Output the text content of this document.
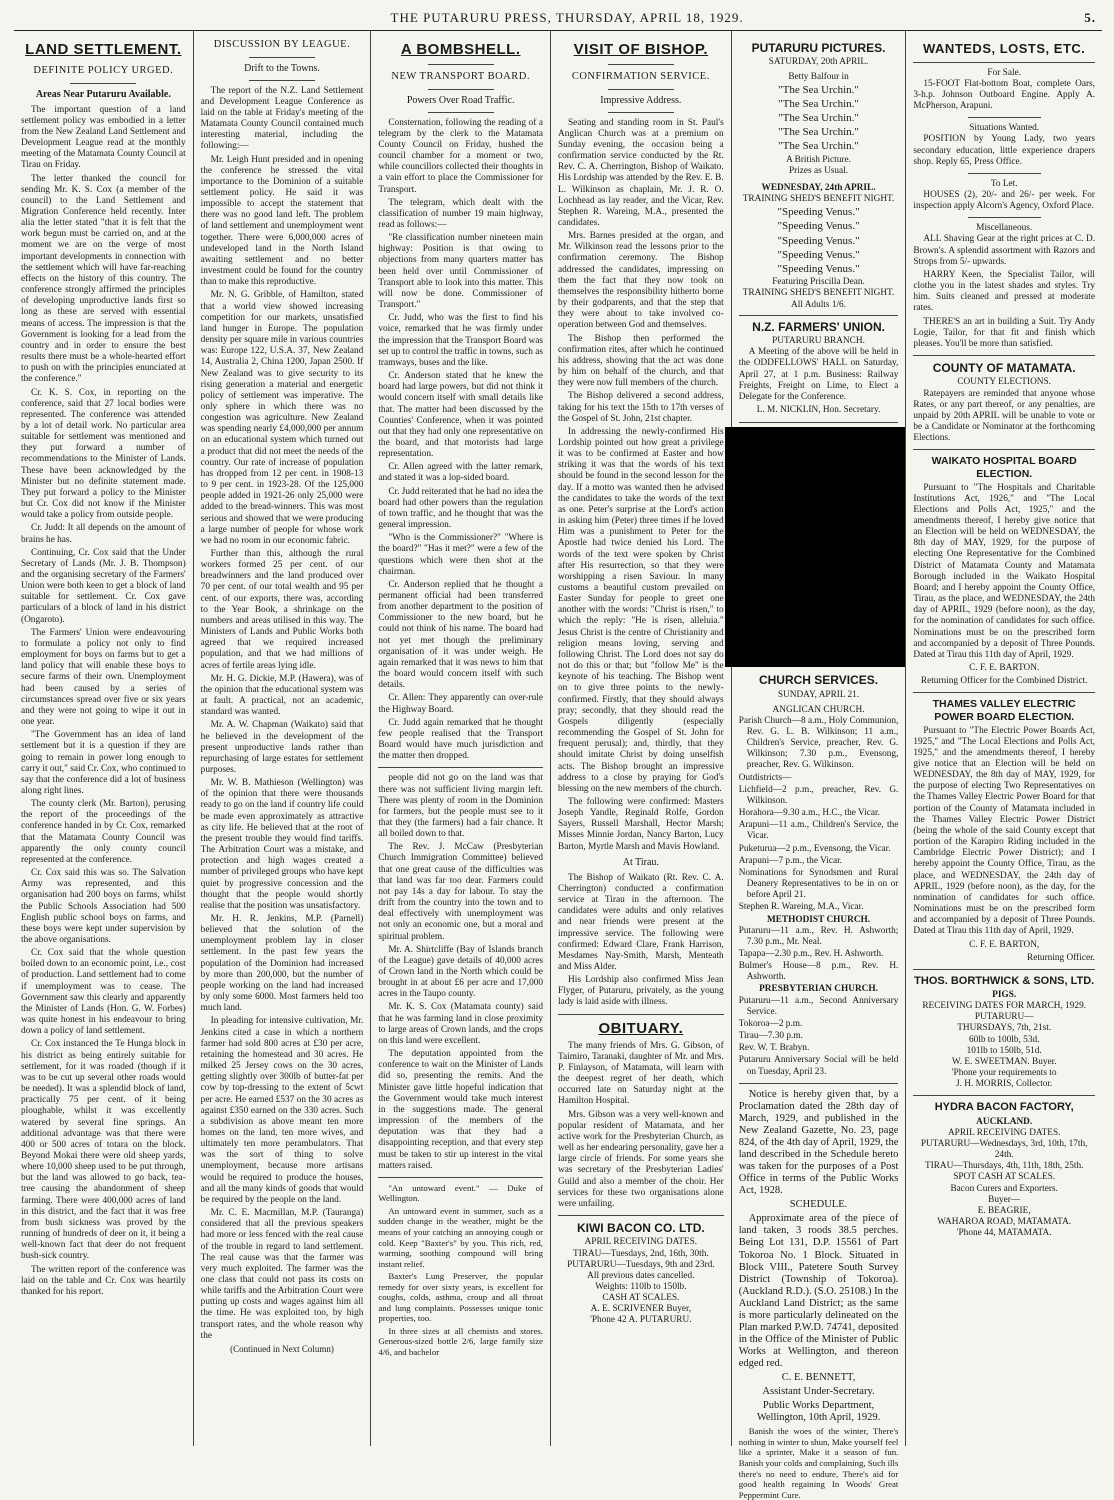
THE PUTARURU PRESS, THURSDAY, APRIL 18, 1929.	5.
LAND SETTLEMENT.
DEFINITE POLICY URGED.
Areas Near Putaruru Available.

The important question of a land settlement policy was embodied in a letter from the New Zealand Land Settlement and Development League read at the monthly meeting of the Matamata County Council at Tirau on Friday.

The letter thanked the council for sending Mr. K. S. Cox (a member of the council) to the Land Settlement and Migration Conference held recently. Inter alia the letter stated "that it is felt that the work begun must be carried on, and at the moment we are on the verge of most important developments in connection with the settlement which will have far-reaching effects on the history of this country. The conference strongly affirmed the principles of developing unproductive lands first so long as these are served with essential means of access. The impression is that the Government is looking for a lead from the country and in order to ensure the best results there must be a whole-hearted effort to push on with the principles enunciated at the conference."

Cr. K. S. Cox, in reporting on the conference, said that 27 local bodies were represented. The conference was attended by a lot of detail work. No particular area suitable for settlement was mentioned and they put forward a number of recommendations to the Minister of Lands. These have been acknowledged by the Minister but no definite statement made. They put forward a policy to the Minister but Cr. Cox did not know if the Minister would take a policy from outside people.

Cr. Judd: It all depends on the amount of brains he has.

Continuing, Cr. Cox said that the Under Secretary of Lands (Mr. J. B. Thompson) and the organising secretary of the Farmers' Union were both keen to get a block of land suitable for settlement. Cr. Cox gave particulars of a block of land in his district (Ongaroto).

The Farmers' Union were endeavouring to formulate a policy not only to find employment for boys on farms but to get a land policy that will enable these boys to secure farms of their own. Unemployment had been caused by a series of circumstances spread over five or six years and they were not going to wipe it out in one year.

"The Government has an idea of land settlement but it is a question if they are going to remain in power long enough to carry it out," said Cr. Cox, who continued to say that the conference did a lot of business along right lines.

The county clerk (Mr. Barton), perusing the report of the proceedings of the conference handed in by Cr. Cox, remarked that the Matamata County Council was apparently the only county council represented at the conference.

Cr. Cox said this was so. The Salvation Army was represented, and this organisation had 200 boys on farms, whilst the Public Schools Association had 500 English public school boys on farms, and these boys were kept under supervision by the above organisations.

Cr. Cox said that the whole question boiled down to an economic point, i.e., cost of production. Land settlement had to come if unemployment was to cease. The Government saw this clearly and apparently the Minister of Lands (Hon. G. W. Forbes) was quite honest in his endeavour to bring down a policy of land settlement.

Cr. Cox instanced the Te Hunga block in his district as being entirely suitable for settlement, for it was roaded (though if it was to be cut up several other roads would be needed). It was a splendid block of land, practically 75 per cent. of it being ploughable, whilst it was excellently watered by several fine springs. An additional advantage was that there were 400 or 500 acres of totara on the block. Beyond Mokai there were old sheep yards, where 10,000 sheep used to be put through, but the land was allowed to go back, tea-tree causing the abandonment of sheep farming. There were 400,000 acres of land in this district, and the fact that it was free from bush sickness was proved by the running of hundreds of deer on it, it being a well-known fact that deer do not frequent bush-sick country.

The written report of the conference was laid on the table and Cr. Cox was heartily thanked for his report.

DISCUSSION BY LEAGUE.
Drift to the Towns.

The report of the N.Z. Land Settlement and Development League Conference as laid on the table at Friday's meeting of the Matamata County Council contained much interesting material, including the following:—

Mr. Leigh Hunt presided and in opening the conference he stressed the vital importance to the Dominion of a suitable settlement policy. He said it was impossible to accept the statement that there was no good land left. The problem of land settlement and unemployment went together. There were 6,000,000 acres of undeveloped land in the North Island awaiting settlement and no better investment could be found for the country than to make this reproductive.

Mr. N. G. Gribble, of Hamilton, stated that a world view showed increasing competition for our markets, unsatisfied land hunger in Europe. The population density per square mile in various countries was: Europe 122, U.S.A. 37, New Zealand 14, Australia 2, China 1200, Japan 2500. If New Zealand was to give security to its rising generation a material and energetic policy of settlement was imperative. The only sphere in which there was no congestion was agriculture. New Zealand was spending nearly £4,000,000 per annum on an educational system which turned out a product that did not meet the needs of the country. Our rate of increase of population has dropped from 12 per cent. in 1908-13 to 9 per cent. in 1923-28. Of the 125,000 people added in 1921-26 only 25,000 were added to the bread-winners. This was most serious and showed that we were producing a large number of people for whose work we had no room in our economic fabric.

Further than this, although the rural workers formed 25 per cent. of our breadwinners and the land produced over 70 per cent. of our total wealth and 95 per cent. of our exports, there was, according to the Year Book, a shrinkage on the numbers and areas utilised in this way. The Ministers of Lands and Public Works both agreed that we required increased population, and that we had millions of acres of fertile areas lying idle.

Mr. H. G. Dickie, M.P. (Hawera), was of the opinion that the educational system was at fault. A practical, not an academic, standard was wanted.

Mr. A. W. Chapman (Waikato) said that he believed in the development of the present unproductive lands rather than repurchasing of large estates for settlement purposes.

Mr. W. B. Mathieson (Wellington) was of the opinion that there were thousands ready to go on the land if country life could be made even approximately as attractive as city life. He believed that at the root of the present trouble they would find tariffs. The Arbitration Court was a mistake, and protection and high wages created a number of privileged groups who have kept quiet by progressive concession and the thought that the people would shortly realise that the position was unsatisfactory.

Mr. H. R. Jenkins, M.P. (Parnell) believed that the solution of the unemployment problem lay in closer settlement. In the past few years the population of the Dominion had increased by more than 200,000, but the number of people working on the land had increased by only some 6000. Most farmers held too much land.

In pleading for intensive cultivation, Mr. Jenkins cited a case in which a northern farmer had sold 800 acres at £30 per acre, retaining the homestead and 30 acres. He milked 25 Jersey cows on the 30 acres, getting slightly over 300lb of butter-fat per cow by top-dressing to the extent of 5cwt per acre. He earned £537 on the 30 acres as against £350 earned on the 330 acres. Such a subdivision as above meant ten more homes on the land, ten more wives, and ultimately ten more perambulators. That was the sort of thing to solve unemployment, because more artisans would be required to produce the houses, and all the many kinds of goods that would be required by the people on the land.

Mr. C. E. Macmillan, M.P. (Tauranga) considered that all the previous speakers had more or less fenced with the real cause of the trouble in regard to land settlement. The real cause was that the farmer was very much exploited. The farmer was the one class that could not pass its costs on while tariffs and the Arbitration Court were putting up costs and wages against him all the time. He was exploited too, by high transport rates, and the whole reason why the

(Continued in Next Column)

A BOMBSHELL.
NEW TRANSPORT BOARD.
Powers Over Road Traffic.

Consternation, following the reading of a telegram by the clerk to the Matamata County Council on Friday, hushed the council chamber for a moment or two, while councillors collected their thoughts in a vain effort to place the Commissioner for Transport.

The telegram, which dealt with the classification of number 19 main highway, read as follows:—

"Re classification number nineteen main highway: Position is that owing to objections from many quarters matter has been held over until Commissioner of Transport able to look into this matter. This will now be done. Commissioner of Transport."

Cr. Judd, who was the first to find his voice, remarked that he was firmly under the impression that the Transport Board was set up to control the traffic in towns, such as tramways, buses and the like.

Cr. Anderson stated that he knew the board had large powers, but did not think it would concern itself with small details like that. The matter had been discussed by the Counties' Conference, when it was pointed out that they had only one representative on the board, and that motorists had large representation.

Cr. Allen agreed with the latter remark, and stated it was a lop-sided board.

Cr. Judd reiterated that he had no idea the board had other powers than the regulation of town traffic, and he thought that was the general impression.

"Who is the Commissioner?" "Where is the board?" "Has it met?" were a few of the questions which were then shot at the chairman.

Cr. Anderson replied that he thought a permanent official had been transferred from another department to the position of Commissioner to the new board, but he could not think of his name. The board had not yet met though the preliminary organisation of it was under weigh. He again remarked that it was news to him that the board would concern itself with such details.

Cr. Allen: They apparently can over-rule the Highway Board.

Cr. Judd again remarked that he thought few people realised that the Transport Board would have much jurisdiction and the matter then dropped.

people did not go on the land was that there was not sufficient living margin left. There was plenty of room in the Dominion for farmers, but the people must see to it that they (the farmers) had a fair chance. It all boiled down to that.

The Rev. J. McCaw (Presbyterian Church Immigration Committee) believed that one great cause of the difficulties was that land was far too dear. Farmers could not pay 14s a day for labour. To stay the drift from the country into the town and to deal effectively with unemployment was not only an economic one, but a moral and spiritual problem.

Mr. A. Shirtcliffe (Bay of Islands branch of the League) gave details of 40,000 acres of Crown land in the North which could be brought in at about £6 per acre and 17,000 acres in the Taupo county.

Mr. K. S. Cox (Matamata county) said that he was farming land in close proximity to large areas of Crown lands, and the crops on this land were excellent.

The deputation appointed from the conference to wait on the Minister of Lands did so, presenting the remits. And the Minister gave little hopeful indication that the Government would take much interest in the suggestions made. The general impression of the members of the deputation was that they had a disappointing reception, and that every step must be taken to stir up interest in the vital matters raised.

"An untoward event." — Duke of Wellington.

An untoward event in summer, such as a sudden change in the weather, might be the means of your catching an annoying cough or cold. Keep "Baxter's" by you. This rich, red, warming, soothing compound will bring instant relief.

Baxter's Lung Preserver, the popular remedy for over sixty years, is excellent for coughs, colds, asthma, croup and all throat and lung complaints. Possesses unique tonic properties, too.

In three sizes at all chemists and stores. Generous-sized bottle 2/6, large family size 4/6, and bachelor

VISIT OF BISHOP.
CONFIRMATION SERVICE.
Impressive Address.

Seating and standing room in St. Paul's Anglican Church was at a premium on Sunday evening, the occasion being a confirmation service conducted by the Rt. Rev. C. A. Cherrington, Bishop of Waikato. His Lordship was attended by the Rev. E. B. L. Wilkinson as chaplain, Mr. J. R. O. Lochhead as lay reader, and the Vicar, Rev. Stephen R. Wareing, M.A., presented the candidates.

Mrs. Barnes presided at the organ, and Mr. Wilkinson read the lessons prior to the confirmation ceremony. The Bishop addressed the candidates, impressing on them the fact that they now took on themselves the responsibility hitherto borne by their godparents, and that the step that they were about to take involved co-operation between God and themselves.

The Bishop then performed the confirmation rites, after which he continued his address, showing that the act was done by him on behalf of the church, and that they were now full members of the church.

The Bishop delivered a second address, taking for his text the 15th to 17th verses of the Gospel of St. John, 21st chapter.

In addressing the newly-confirmed His Lordship pointed out how great a privilege it was to be confirmed at Easter and how striking it was that the words of his text should be found in the second lesson for the day. If a motto was wanted then he advised the candidates to take the words of the text as one. Peter's surprise at the Lord's action in asking him (Peter) three times if he loved Him was a punishment to Peter for the Apostle had twice denied his Lord. The words of the text were spoken by Christ after His resurrection, so that they were worshipping a risen Saviour. In many customs a beautiful custom prevailed on Easter Sunday for people to greet one another with the words: "Christ is risen," to which the reply: "He is risen, alleluia." Jesus Christ is the centre of Christianity and religion means loving, serving and following Christ. The Lord does not say do not do this or that; but "follow Me" is the keynote of his teaching. The Bishop went on to give three points to the newly-confirmed. Firstly, that they should always pray; secondly, that they should read the Gospels diligently (especially recommending the Gospel of St. John for frequent perusal); and, thirdly, that they should imitate Christ by doing unselfish acts. The Bishop brought an impressive address to a close by praying for God's blessing on the new members of the church.

The following were confirmed: Masters Joseph Yandle, Reginald Rolfe, Gordon Sayers, Russell Marshall, Hector Marsh; Misses Minnie Jordan, Nancy Barton, Lucy Barton, Myrtle Marsh and Mavis Howland.

At Tirau.

The Bishop of Waikato (Rt. Rev. C. A. Cherrington) conducted a confirmation service at Tirau in the afternoon. The candidates were adults and only relatives and near friends were present at the impressive service. The following were confirmed: Edward Clare, Frank Harrison, Mesdames Nay-Smith, Marsh, Menteath and Miss Alder.

His Lordship also confirmed Miss Jean Flyger, of Putaruru, privately, as the young lady is laid aside with illness.

OBITUARY.

The many friends of Mrs. G. Gibson, of Taimiro, Taranaki, daughter of Mr. and Mrs. P. Finlayson, of Matamata, will learn with the deepest regret of her death, which occurred late on Saturday night at the Hamilton Hospital.

Mrs. Gibson was a very well-known and popular resident of Matamata, and her active work for the Presbyterian Church, as well as her endearing personality, gave her a large circle of friends. For some years she was secretary of the Presbyterian Ladies' Guild and also a member of the choir. Her services for these two organisations alone were unfailing.

KIWI BACON CO. LTD.
APRIL RECEIVING DATES.
TIRAU—Tuesdays, 2nd, 16th, 30th.
PUTARURU—Tuesdays, 9th and 23rd.
All previous dates cancelled.
Weights: 110lb to 150lb.
CASH AT SCALES.
A. E. SCRIVENER Buyer,
'Phone 42 A. PUTARURU.
PUTARURU PICTURES.
SATURDAY, 20th APRIL.
Betty Balfour in
"The Sea Urchin."
"The Sea Urchin."
"The Sea Urchin."
"The Sea Urchin."
"The Sea Urchin."
A British Picture.
Prizes as Usual.
WEDNESDAY, 24th APRIL.
TRAINING SHED'S BENEFIT NIGHT.
"Speeding Venus."
"Speeding Venus."
"Speeding Venus."
"Speeding Venus."
"Speeding Venus."
Featuring Priscilla Dean.
TRAINING SHED'S BENEFIT NIGHT.
All Adults 1/6.
N.Z. FARMERS' UNION.
PUTARURU BRANCH.

A Meeting of the above will be held in the ODDFELLOWS' HALL on Saturday, April 27, at 1 p.m. Business: Railway Freights, Freight on Lime, to Elect a Delegate for the Conference.

L. M. NICKLIN, Hon. Secretary.

CHURCH SERVICES.
SUNDAY, APRIL 21.
ANGLICAN CHURCH.

Parish Church—8 a.m., Holy Communion, Rev. G. L. B. Wilkinson; 11 a.m., Children's Service, preacher, Rev. G. Wilkinson; 7.30 p.m., Evensong, preacher, Rev. G. Wilkinson.

Outdistricts—

Lichfield—2 p.m., preacher, Rev. G. Wilkinson.

Horahora—9.30 a.m., H.C., the Vicar.

Arapuni—11 a.m., Children's Service, the Vicar.

Puketurua—2 p.m., Evensong, the Vicar.

Arapuni—7 p.m., the Vicar.

Nominations for Synodsmen and Rural Deanery Representatives to be in on or before April 21.

Stephen R. Wareing, M.A., Vicar.

METHODIST CHURCH.

Putaruru—11 a.m., Rev. H. Ashworth; 7.30 p.m., Mr. Neal.

Tapapa—2.30 p.m., Rev. H. Ashworth.

Bulmer's House—8 p.m., Rev. H. Ashworth.

PRESBYTERIAN CHURCH.

Putaruru—11 a.m., Second Anniversary Service.

Tokoroa—2 p.m.

Tirau—7.30 p.m.

Rev. W. T. Brabyn.

Putaruru Anniversary Social will be held on Tuesday, April 23.

Notice is hereby given that, by a Proclamation dated the 28th day of March, 1929, and published in the New Zealand Gazette, No. 23, page 824, of the 4th day of April, 1929, the land described in the Schedule hereto was taken for the purposes of a Post Office in terms of the Public Works Act, 1928.

SCHEDULE.

Approximate area of the piece of land taken, 3 roods 38.5 perches. Being Lot 131, D.P. 15561 of Part Tokoroa No. 1 Block. Situated in Block VIII., Patetere South Survey District (Township of Tokoroa). (Auckland R.D.). (S.O. 25108.) In the Auckland Land District; as the same is more particularly delineated on the Plan marked P.W.D. 74741, deposited in the Office of the Minister of Public Works at Wellington, and thereon edged red.

C. E. BENNETT,

Assistant Under-Secretary.

Public Works Department, Wellington, 10th April, 1929.

Banish the woes of the winter, There's nothing in winter to shun, Make yourself feel like a sprinter, Make it a season of fun. Banish your colds and complaining, Such ills there's no need to endure, There's aid for good health regaining In Woods' Great Peppermint Cure.

WANTEDS, LOSTS, ETC.
For Sale.

15-FOOT Flat-bottom Boat, complete Oars, 3-h.p. Johnson Outboard Engine. Apply A. McPherson, Arapuni.

Situations Wanted.

POSITION by Young Lady, two years secondary education, little experience drapers shop. Reply 65, Press Office.

To Let.

HOUSES (2), 20/- and 26/- per week. For inspection apply Alcorn's Agency, Oxford Place.

Miscellaneous.

ALL Shaving Gear at the right prices at C. D. Brown's. A splendid assortment with Razors and Strops from 5/- upwards.

HARRY Keen, the Specialist Tailor, will clothe you in the latest shades and styles. Try him. Suits cleaned and pressed at moderate rates.

THERE'S an art in building a Suit. Try Andy Logie, Tailor, for that fit and finish which pleases. You'll be more than satisfied.

COUNTY OF MATAMATA.
COUNTY ELECTIONS.

Ratepayers are reminded that anyone whose Rates, or any part thereof, or any penalties, are unpaid by 20th APRIL will be unable to vote or be a Candidate or Nominator at the forthcoming Elections.

WAIKATO HOSPITAL BOARD ELECTION.

Pursuant to "The Hospitals and Charitable Institutions Act, 1926," and "The Local Elections and Polls Act, 1925," and the amendments thereof, I hereby give notice that an Election will be held on WEDNESDAY, the 8th day of MAY, 1929, for the purpose of electing One Representative for the Combined District of Matamata County and Matamata Borough included in the Waikato Hospital Board; and I hereby appoint the County Office, Tirau, as the place, and WEDNESDAY, the 24th day of APRIL, 1929 (before noon), as the day, for the nomination of candidates for such office. Nominations must be on the prescribed form and accompanied by a deposit of Three Pounds. Dated at Tirau this 11th day of April, 1929.

C. F. E. BARTON.

Returning Officer for the Combined District.

THAMES VALLEY ELECTRIC POWER BOARD ELECTION.

Pursuant to "The Electric Power Boards Act, 1925," and "The Local Elections and Polls Act, 1925," and the amendments thereof, I hereby give notice that an Election will be held on WEDNESDAY, the 8th day of MAY, 1929, for the purpose of electing Two Representatives on the Thames Valley Electric Power Board for that portion of the County of Matamata included in the Thames Valley Electric Power District (being the whole of the said County except that portion of the Karapiro Riding included in the Cambridge Electric Power District); and I hereby appoint the County Office, Tirau, as the place, and WEDNESDAY, the 24th day of APRIL, 1929 (before noon), as the day, for the nomination of candidates for such office. Nominations must be on the prescribed form and accompanied by a deposit of Three Pounds. Dated at Tirau this 11th day of April, 1929.

C. F. E. BARTON,

Returning Officer.

THOS. BORTHWICK & SONS, LTD.
PIGS.
RECEIVING DATES FOR MARCH, 1929.
PUTARURU—
THURSDAYS, 7th, 21st.
60lb to 100lb, 53d.
101lb to 150lb, 51d.
W. E. SWEETMAN. Buyer.
'Phone your requirements to
J. H. MORRIS, Collector.
HYDRA BACON FACTORY,
AUCKLAND.
APRIL RECEIVING DATES.
PUTARURU—Wednesdays, 3rd, 10th, 17th, 24th.
TIRAU—Thursdays, 4th, 11th, 18th, 25th.
SPOT CASH AT SCALES.
Bacon Curers and Exporters.
Buyer—
E. BEAGRIE,
WAHAROA ROAD, MATAMATA.
'Phone 44, MATAMATA.
